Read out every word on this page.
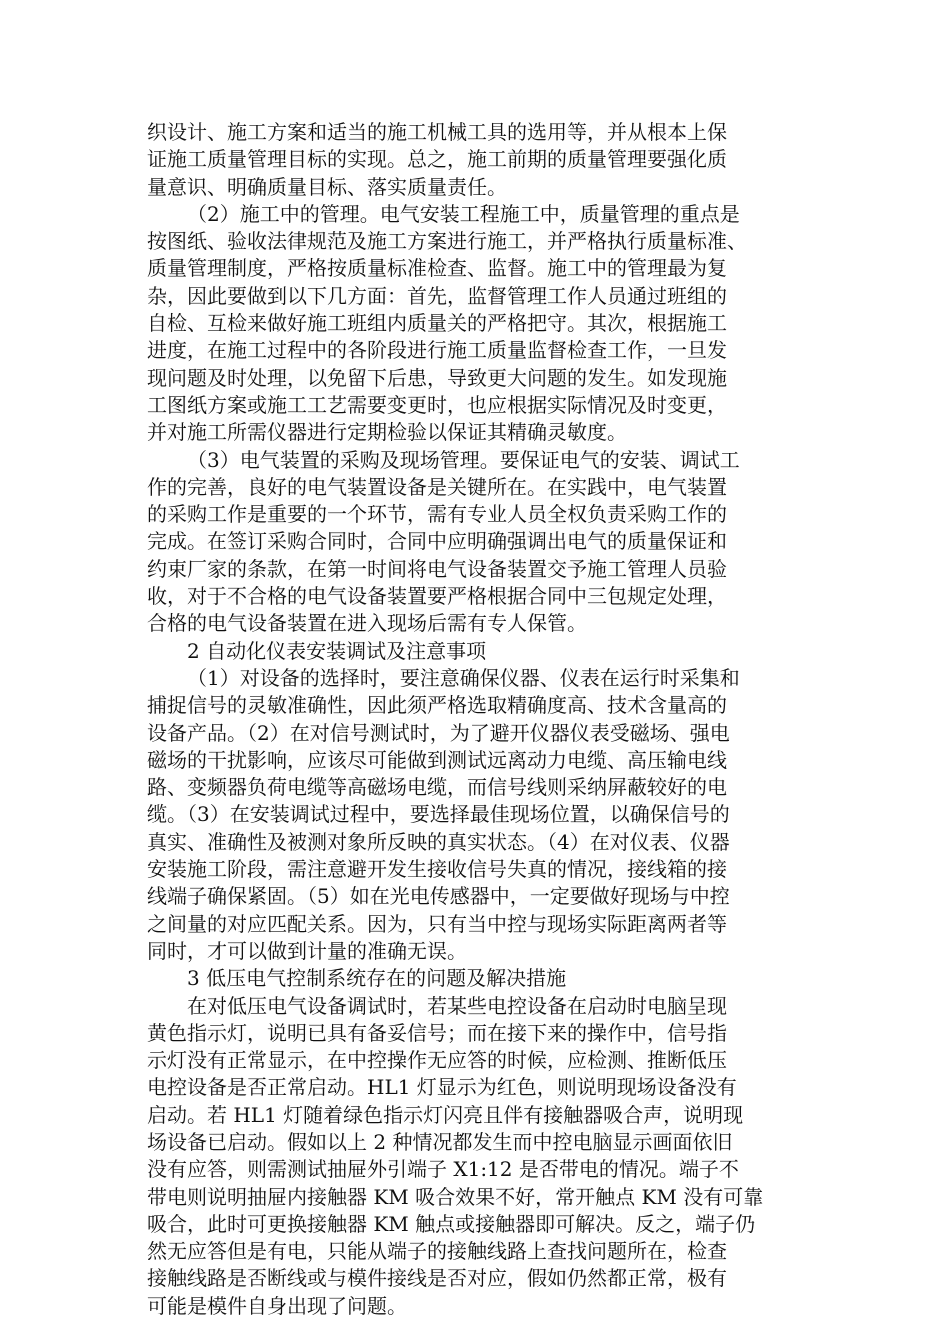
织设计、施工方案和适当的施工机械工具的选用等，并从根本上保
证施工质量管理目标的实现。总之，施工前期的质量管理要强化质
量意识、明确质量目标、落实质量责任。
（2）施工中的管理。电气安装工程施工中，质量管理的重点是
按图纸、验收法律规范及施工方案进行施工，并严格执行质量标准、
质量管理制度，严格按质量标准检查、监督。施工中的管理最为复
杂，因此要做到以下几方面：首先，监督管理工作人员通过班组的
自检、互检来做好施工班组内质量关的严格把守。其次，根据施工
进度，在施工过程中的各阶段进行施工质量监督检查工作，一旦发
现问题及时处理，以免留下后患，导致更大问题的发生。如发现施
工图纸方案或施工工艺需要变更时，也应根据实际情况及时变更，
并对施工所需仪器进行定期检验以保证其精确灵敏度。
（3）电气装置的采购及现场管理。要保证电气的安装、调试工
作的完善，良好的电气装置设备是关键所在。在实践中，电气装置
的采购工作是重要的一个环节，需有专业人员全权负责采购工作的
完成。在签订采购合同时，合同中应明确强调出电气的质量保证和
约束厂家的条款，在第一时间将电气设备装置交予施工管理人员验
收，对于不合格的电气设备装置要严格根据合同中三包规定处理，
合格的电气设备装置在进入现场后需有专人保管。
2 自动化仪表安装调试及注意事项
（1）对设备的选择时，要注意确保仪器、仪表在运行时采集和
捕捉信号的灵敏准确性，因此须严格选取精确度高、技术含量高的
设备产品。（2）在对信号测试时，为了避开仪器仪表受磁场、强电
磁场的干扰影响，应该尽可能做到测试远离动力电缆、高压输电线
路、变频器负荷电缆等高磁场电缆，而信号线则采纳屏蔽较好的电
缆。（3）在安装调试过程中，要选择最佳现场位置，以确保信号的
真实、准确性及被测对象所反映的真实状态。（4）在对仪表、仪器
安装施工阶段，需注意避开发生接收信号失真的情况，接线箱的接
线端子确保紧固。（5）如在光电传感器中，一定要做好现场与中控
之间量的对应匹配关系。因为，只有当中控与现场实际距离两者等
同时，才可以做到计量的准确无误。
3 低压电气控制系统存在的问题及解决措施
在对低压电气设备调试时，若某些电控设备在启动时电脑呈现
黄色指示灯，说明已具有备妥信号；而在接下来的操作中，信号指
示灯没有正常显示，在中控操作无应答的时候，应检测、推断低压
电控设备是否正常启动。HL1 灯显示为红色，则说明现场设备没有
启动。若 HL1 灯随着绿色指示灯闪亮且伴有接触器吸合声，说明现
场设备已启动。假如以上 2 种情况都发生而中控电脑显示画面依旧
没有应答，则需测试抽屉外引端子 X1:12 是否带电的情况。端子不
带电则说明抽屉内接触器 KM 吸合效果不好，常开触点 KM 没有可靠
吸合，此时可更换接触器 KM 触点或接触器即可解决。反之，端子仍
然无应答但是有电，只能从端子的接触线路上查找问题所在，检查
接触线路是否断线或与模件接线是否对应，假如仍然都正常，极有
可能是模件自身出现了问题。
